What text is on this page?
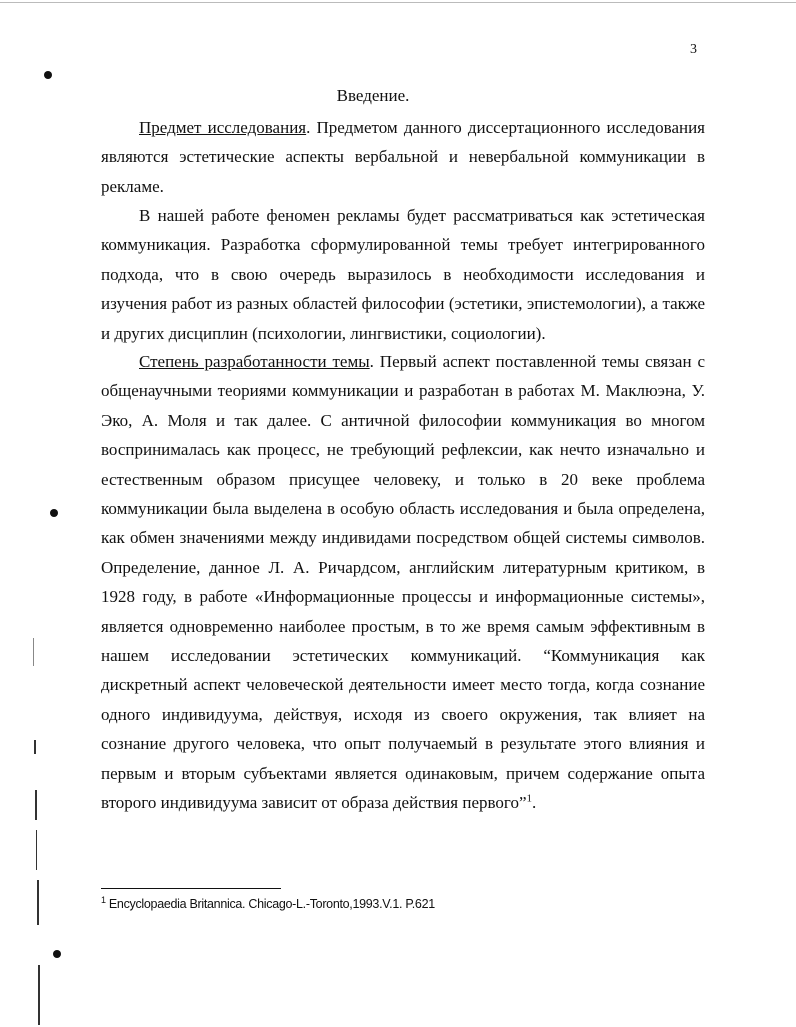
3
Введение.

Предмет исследования. Предметом данного диссертационного исследования являются эстетические аспекты вербальной и невербальной коммуникации в рекламе.

В нашей работе феномен рекламы будет рассматриваться как эстетическая коммуникация. Разработка сформулированной темы требует интегрированного подхода, что в свою очередь выразилось в необходимости исследования и изучения работ из разных областей философии (эстетики, эпистемологии), а также и других дисциплин (психологии, лингвистики, социологии).

Степень разработанности темы. Первый аспект поставленной темы связан с общенаучными теориями коммуникации и разработан в работах М. Маклюэна, У. Эко, А. Моля и так далее. С античной философии коммуникация во многом воспринималась как процесс, не требующий рефлексии, как нечто изначально и естественным образом присущее человеку, и только в 20 веке проблема коммуникации была выделена в особую область исследования и была определена, как обмен значениями между индивидами посредством общей системы символов. Определение, данное Л. А. Ричардсом, английским литературным критиком, в 1928 году, в работе «Информационные процессы и информационные системы», является одновременно наиболее простым, в то же время самым эффективным в нашем исследовании эстетических коммуникаций. “Коммуникация как дискретный аспект человеческой деятельности имеет место тогда, когда сознание одного индивидуума, действуя, исходя из своего окружения, так влияет на сознание другого человека, что опыт получаемый в результате этого влияния и первым и вторым субъектами является одинаковым, причем содержание опыта второго индивидуума зависит от образа действия первого”$^1$.

$^1$ Encyclopaedia Britannica. Chicago-L.-Toronto,1993.V.1. P.621
